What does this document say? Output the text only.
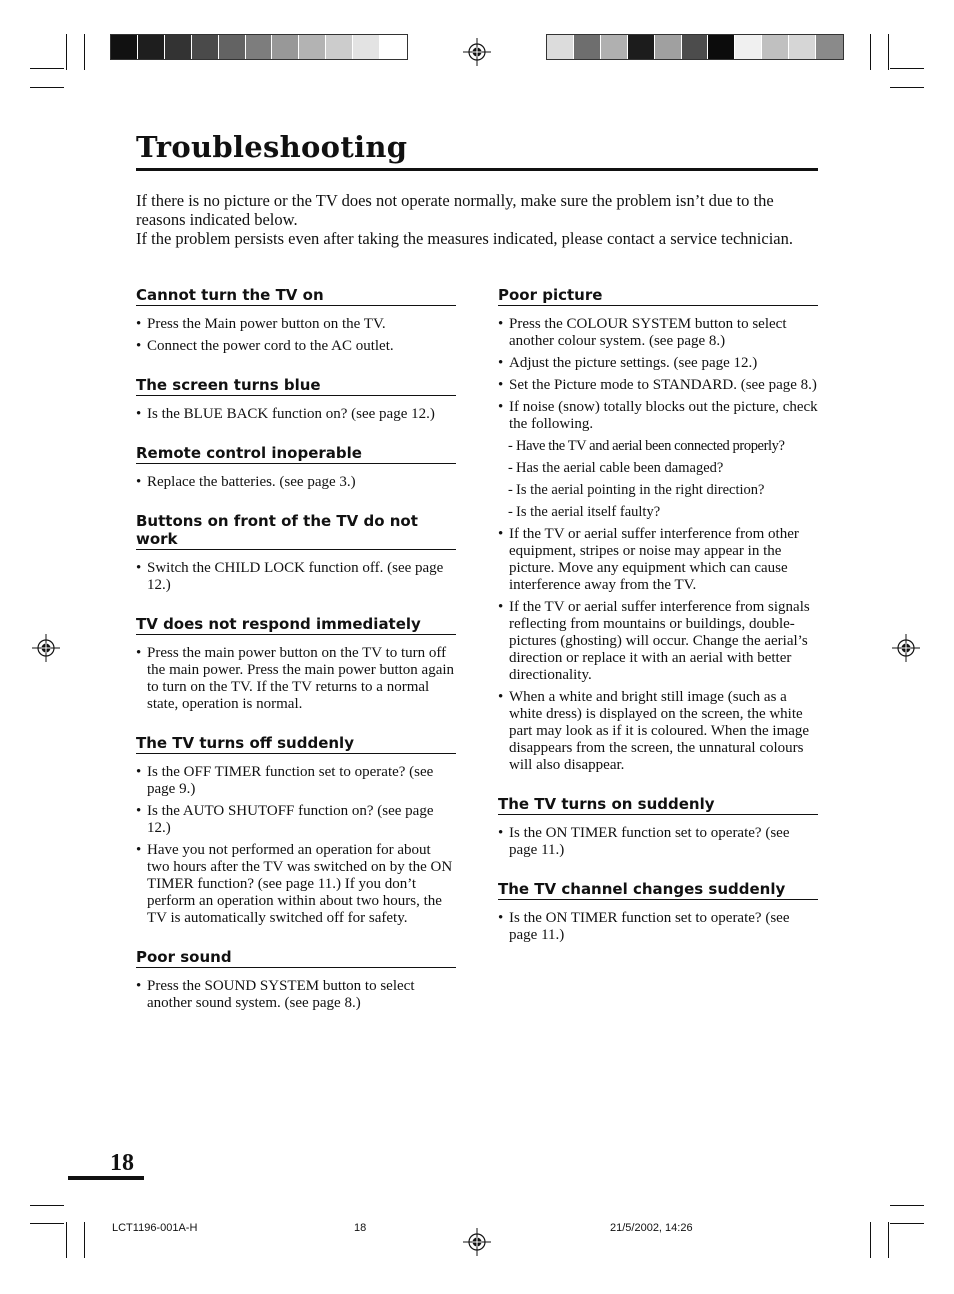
Troubleshooting

If there is no picture or the TV does not operate normally, make sure the problem isn’t due to the reasons indicated below.

If the problem persists even after taking the measures indicated, please contact a service technician.

Cannot turn the TV on
• Press the Main power button on the TV.
• Connect the power cord to the AC outlet.
The screen turns blue
• Is the BLUE BACK function on? (see page 12.)
Remote control inoperable
• Replace the batteries. (see page 3.)
Buttons on front of the TV do not work
• Switch the CHILD LOCK function off. (see page 12.)
TV does not respond immediately
• Press the main power button on the TV to turn off the main power. Press the main power button again to turn on the TV. If the TV returns to a normal state, operation is normal.
The TV turns off suddenly
• Is the OFF TIMER function set to operate? (see page 9.)
• Is the AUTO SHUTOFF function on? (see page 12.)
• Have you not performed an operation for about two hours after the TV was switched on by the ON TIMER function? (see page 11.) If you don’t perform an operation within about two hours, the TV is automatically switched off for safety.
Poor sound
• Press the SOUND SYSTEM button to select another sound system. (see page 8.)
Poor picture
• Press the COLOUR SYSTEM button to select another colour system. (see page 8.)
• Adjust the picture settings. (see page 12.)
• Set the Picture mode to STANDARD. (see page 8.)
• If noise (snow) totally blocks out the picture, check the following.
- Have the TV and aerial been connected properly?
- Has the aerial cable been damaged?
- Is the aerial pointing in the right direction?
- Is the aerial itself faulty?
• If the TV or aerial suffer interference from other equipment, stripes or noise may appear in the picture. Move any equipment which can cause interference away from the TV.
• If the TV or aerial suffer interference from signals reflecting from mountains or buildings, double-pictures (ghosting) will occur. Change the aerial’s direction or replace it with an aerial with better directionality.
• When a white and bright still image (such as a white dress) is displayed on the screen, the white part may look as if it is coloured. When the image disappears from the screen, the unnatural colours will also disappear.
The TV turns on suddenly
• Is the ON TIMER function set to operate? (see page 11.)
The TV channel changes suddenly
• Is the ON TIMER function set to operate? (see page 11.)
18
LCT1196-001A-H	18	21/5/2002, 14:26
